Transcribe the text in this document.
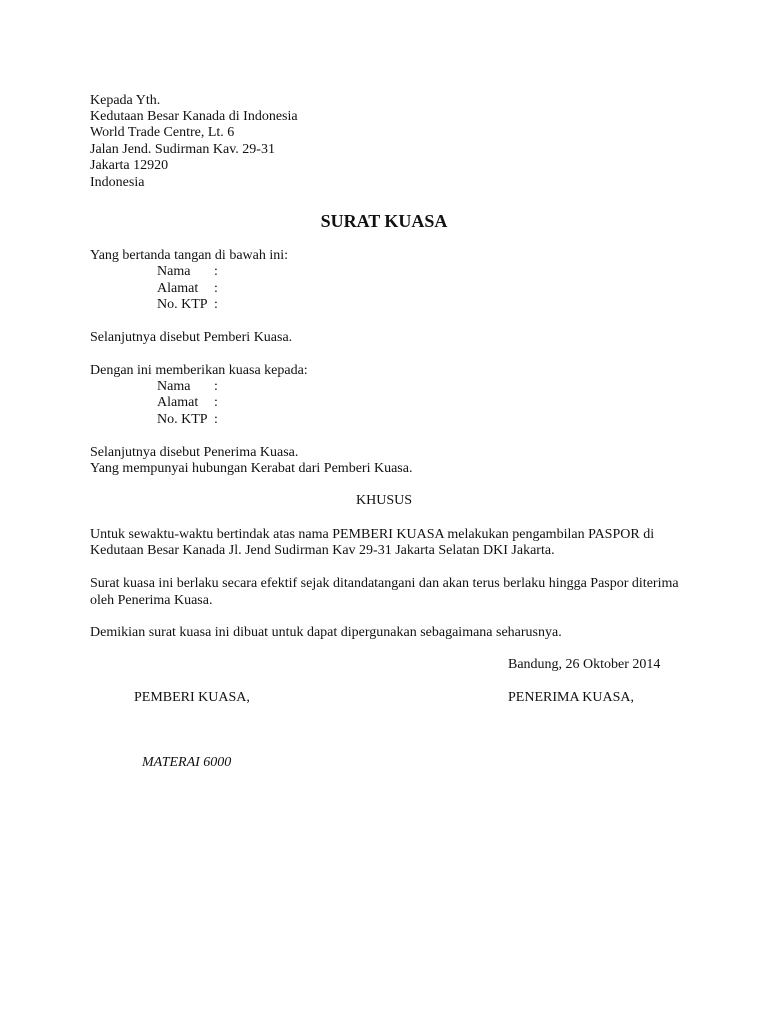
Kepada Yth.
Kedutaan Besar Kanada di Indonesia
World Trade Centre, Lt. 6
Jalan Jend. Sudirman Kav. 29-31
Jakarta 12920
Indonesia
SURAT KUASA
Yang bertanda tangan di bawah ini:
Nama :
Alamat :
No. KTP :
Selanjutnya disebut Pemberi Kuasa.
Dengan ini memberikan kuasa kepada:
Nama :
Alamat :
No. KTP :
Selanjutnya disebut Penerima Kuasa.
Yang mempunyai hubungan Kerabat dari Pemberi Kuasa.
KHUSUS
Untuk sewaktu-waktu bertindak atas nama PEMBERI KUASA melakukan pengambilan PASPOR di
Kedutaan Besar Kanada Jl. Jend Sudirman Kav 29-31 Jakarta Selatan DKI Jakarta.
Surat kuasa ini berlaku secara efektif sejak ditandatangani dan akan terus berlaku hingga Paspor diterima
oleh Penerima Kuasa.
Demikian surat kuasa ini dibuat untuk dapat dipergunakan sebagaimana seharusnya.
Bandung, 26 Oktober 2014
PEMBERI KUASA,	PENERIMA KUASA,
MATERAI 6000
